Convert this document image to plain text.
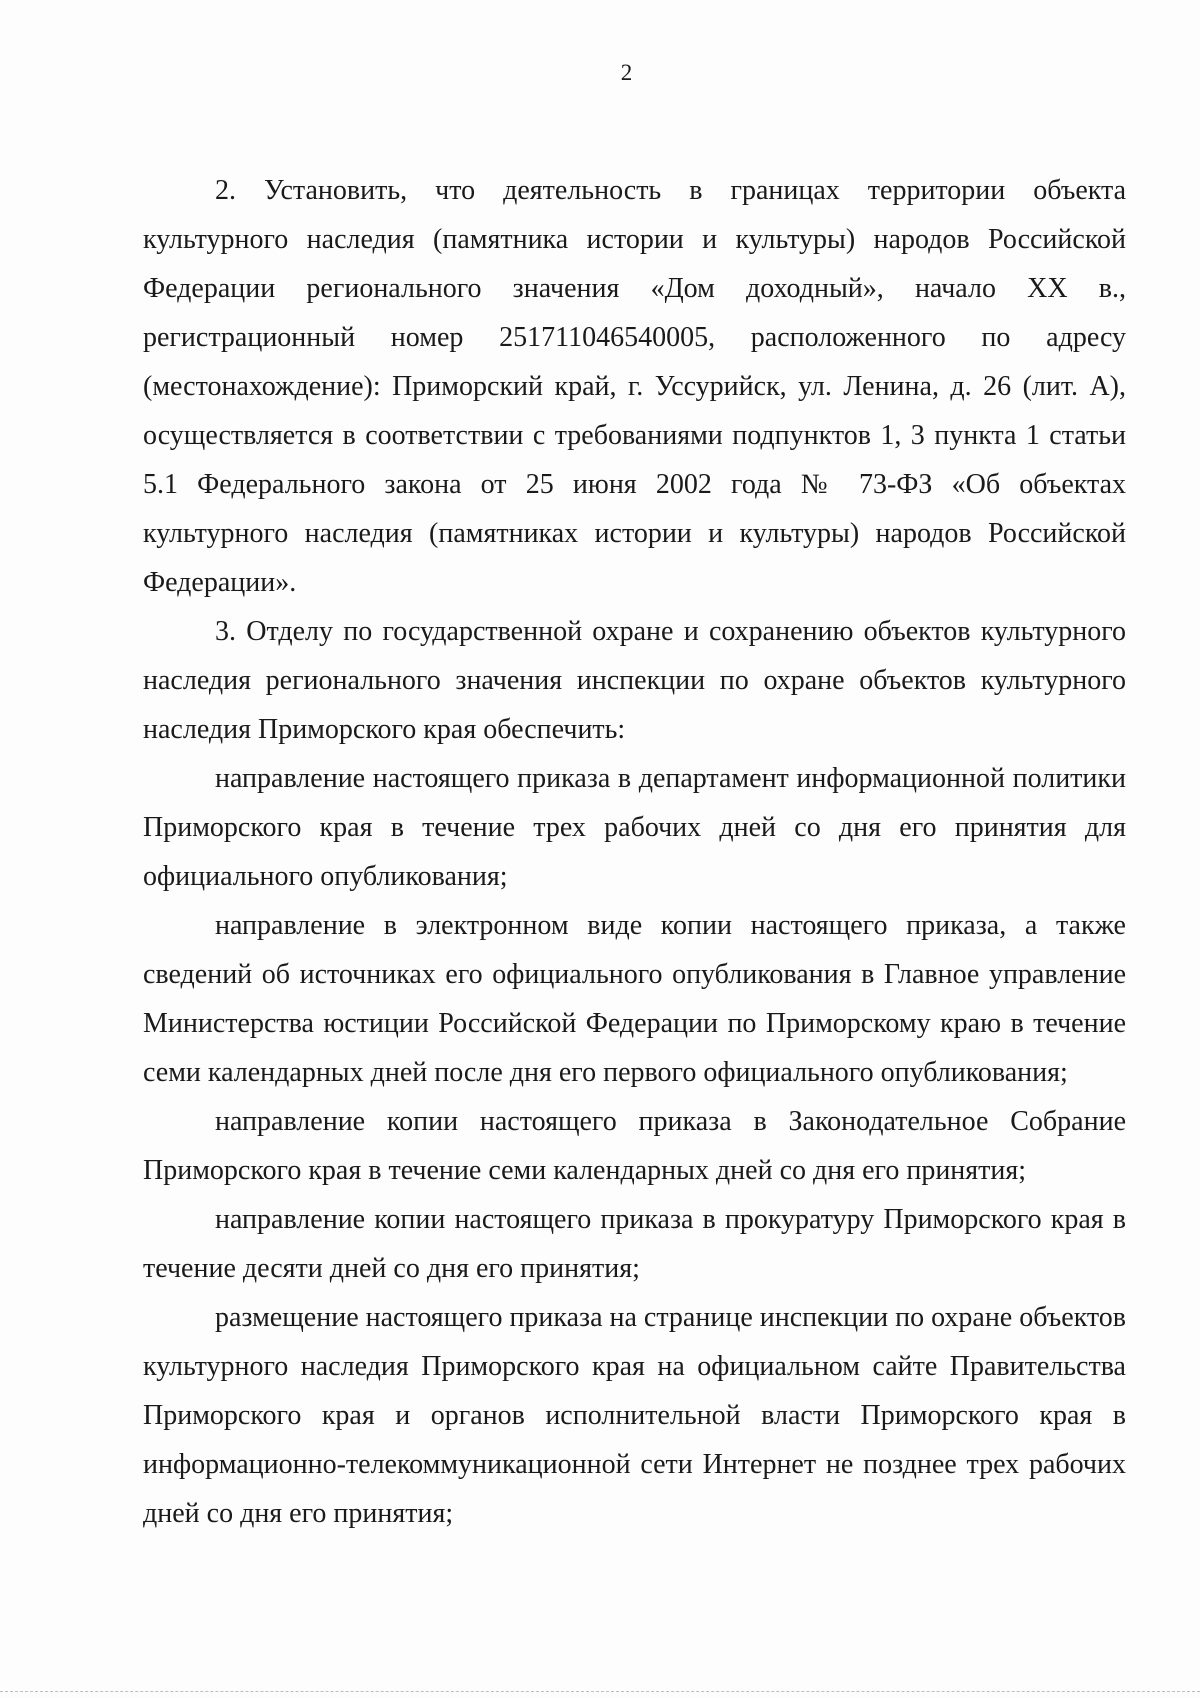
2

2. Установить, что деятельность в границах территории объекта культурного наследия (памятника истории и культуры) народов Российской Федерации регионального значения «Дом доходный», начало XX в., регистрационный номер 251711046540005, расположенного по адресу (местонахождение): Приморский край, г. Уссурийск, ул. Ленина, д. 26 (лит. А), осуществляется в соответствии с требованиями подпунктов 1, 3 пункта 1 статьи 5.1 Федерального закона от 25 июня 2002 года № 73-ФЗ «Об объектах культурного наследия (памятниках истории и культуры) народов Российской Федерации».

3. Отделу по государственной охране и сохранению объектов культурного наследия регионального значения инспекции по охране объектов культурного наследия Приморского края обеспечить:

направление настоящего приказа в департамент информационной политики Приморского края в течение трех рабочих дней со дня его принятия для официального опубликования;

направление в электронном виде копии настоящего приказа, а также сведений об источниках его официального опубликования в Главное управление Министерства юстиции Российской Федерации по Приморскому краю в течение семи календарных дней после дня его первого официального опубликования;

направление копии настоящего приказа в Законодательное Собрание Приморского края в течение семи календарных дней со дня его принятия;

направление копии настоящего приказа в прокуратуру Приморского края в течение десяти дней со дня его принятия;

размещение настоящего приказа на странице инспекции по охране объектов культурного наследия Приморского края на официальном сайте Правительства Приморского края и органов исполнительной власти Приморского края в информационно-телекоммуникационной сети Интернет не позднее трех рабочих дней со дня его принятия;
